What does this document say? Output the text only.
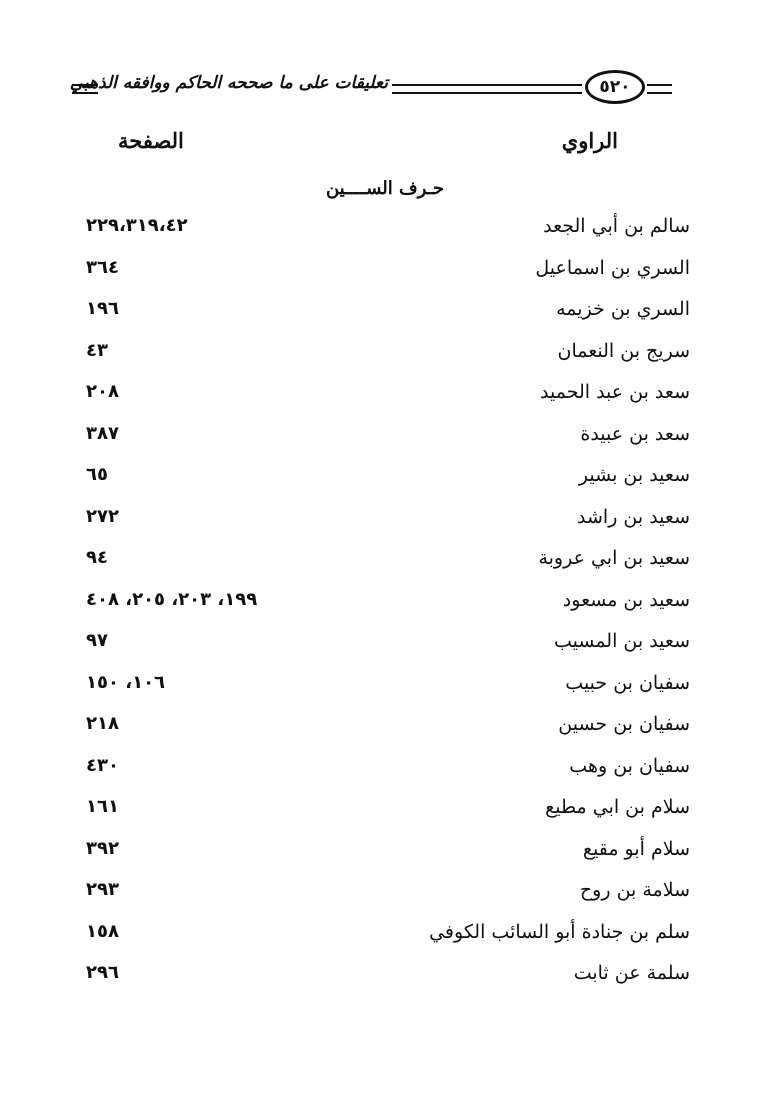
تعليقات على ما صححه الحاكم ووافقه الذهبي	٥٢٠
الراوي
الصفحة
حـرف الســــين
سالم بن أبي الجعد
٢٢٩،٣١٩،٤٢
السري بن اسماعيل
٣٦٤
السري بن خزيمه
١٩٦
سريج بن النعمان
٤٣
سعد بن عبد الحميد
٢٠٨
سعد بن عبيدة
٣٨٧
سعيد بن بشير
٦٥
سعيد بن راشد
٢٧٢
سعيد بن ابي عروبة
٩٤
سعيد بن مسعود
١٩٩، ٢٠٣، ٢٠٥، ٤٠٨
سعيد بن المسيب
٩٧
سفيان بن حبيب
١٠٦، ١٥٠
سفيان بن حسين
٢١٨
سفيان بن وهب
٤٣٠
سلام بن ابي مطيع
١٦١
سلام أبو مقيع
٣٩٢
سلامة بن روح
٢٩٣
سلم بن جنادة أبو السائب الكوفي
١٥٨
سلمة عن ثابت
٢٩٦
